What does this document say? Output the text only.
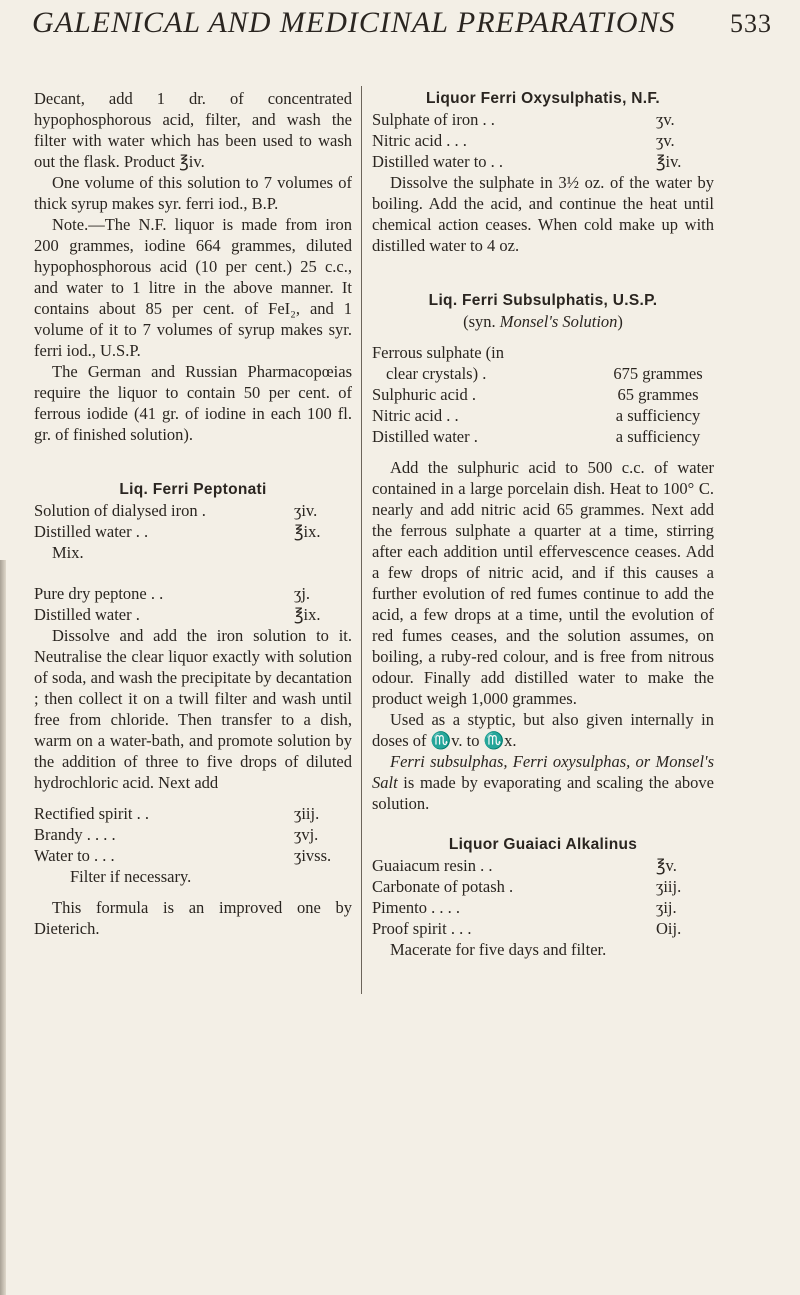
GALENICAL AND MEDICINAL PREPARATIONS 533

Decant, add 1 dr. of concentrated hypophosphorous acid, filter, and wash the filter with water which has been used to wash out the flask. Product ℥iv.

One volume of this solution to 7 volumes of thick syrup makes syr. ferri iod., B.P.

Note.—The N.F. liquor is made from iron 200 grammes, iodine 664 grammes, diluted hypophosphorous acid (10 per cent.) 25 c.c., and water to 1 litre in the above manner. It contains about 85 per cent. of FeI₂, and 1 volume of it to 7 volumes of syrup makes syr. ferri iod., U.S.P.

The German and Russian Pharmacopœias require the liquor to contain 50 per cent. of ferrous iodide (41 gr. of iodine in each 100 fl. gr. of finished solution).

Liq. Ferri Peptonati
Solution of dialysed iron .	ʒiv.
Distilled water . .	℥ix.
Mix.
Pure dry peptone . .	ʒj.
Distilled water .	℥ix.

Dissolve and add the iron solution to it. Neutralise the clear liquor exactly with solution of soda, and wash the precipitate by decantation ; then collect it on a twill filter and wash until free from chloride. Then transfer to a dish, warm on a water-bath, and promote solution by the addition of three to five drops of diluted hydrochloric acid. Next add

Rectified spirit . .	ʒiij.
Brandy . . . .	ʒvj.
Water to . . .	ʒivss.
Filter if necessary.

This formula is an improved one by Dieterich.

Liquor Ferri Oxysulphatis, N.F.
Sulphate of iron . .	ʒv.
Nitric acid . . .	ʒv.
Distilled water to . .	℥iv.

Dissolve the sulphate in 3½ oz. of the water by boiling. Add the acid, and continue the heat until chemical action ceases. When cold make up with distilled water to 4 oz.

Liq. Ferri Subsulphatis, U.S.P.
(syn. Monsel's Solution)
Ferrous sulphate (in
clear crystals) .	675 grammes
Sulphuric acid .	65 grammes
Nitric acid . .	a sufficiency
Distilled water .	a sufficiency

Add the sulphuric acid to 500 c.c. of water contained in a large porcelain dish. Heat to 100° C. nearly and add nitric acid 65 grammes. Next add the ferrous sulphate a quarter at a time, stirring after each addition until effervescence ceases. Add a few drops of nitric acid, and if this causes a further evolution of red fumes continue to add the acid, a few drops at a time, until the evolution of red fumes ceases, and the solution assumes, on boiling, a ruby-red colour, and is free from nitrous odour. Finally add distilled water to make the product weigh 1,000 grammes.

Used as a styptic, but also given internally in doses of ♏v. to ♏x.

Ferri subsulphas, Ferri oxysulphas, or Monsel's Salt is made by evaporating and scaling the above solution.

Liquor Guaiaci Alkalinus
Guaiacum resin . .	℥v.
Carbonate of potash .	ʒiij.
Pimento . . . .	ʒij.
Proof spirit . . .	Oij.

Macerate for five days and filter.
